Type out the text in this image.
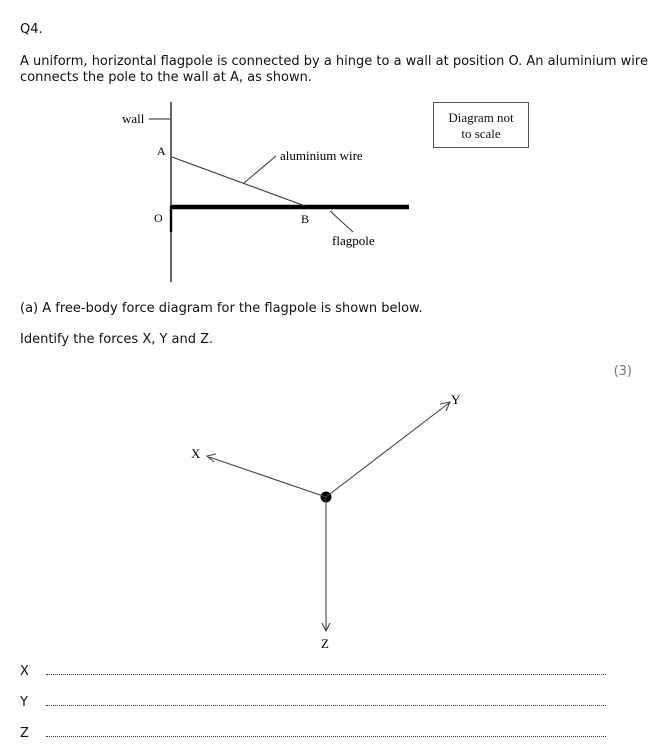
Q4.
A uniform, horizontal flagpole is connected by a hinge to a wall at position O. An aluminium wire connects the pole to the wall at A, as shown.
wall
A
O	B
aluminium wire
flagpole
X
Y
Z
Diagram not
to scale
(a) A free-body force diagram for the flagpole is shown below.
Identify the forces X, Y and Z.
(3)
X
Y
Z
